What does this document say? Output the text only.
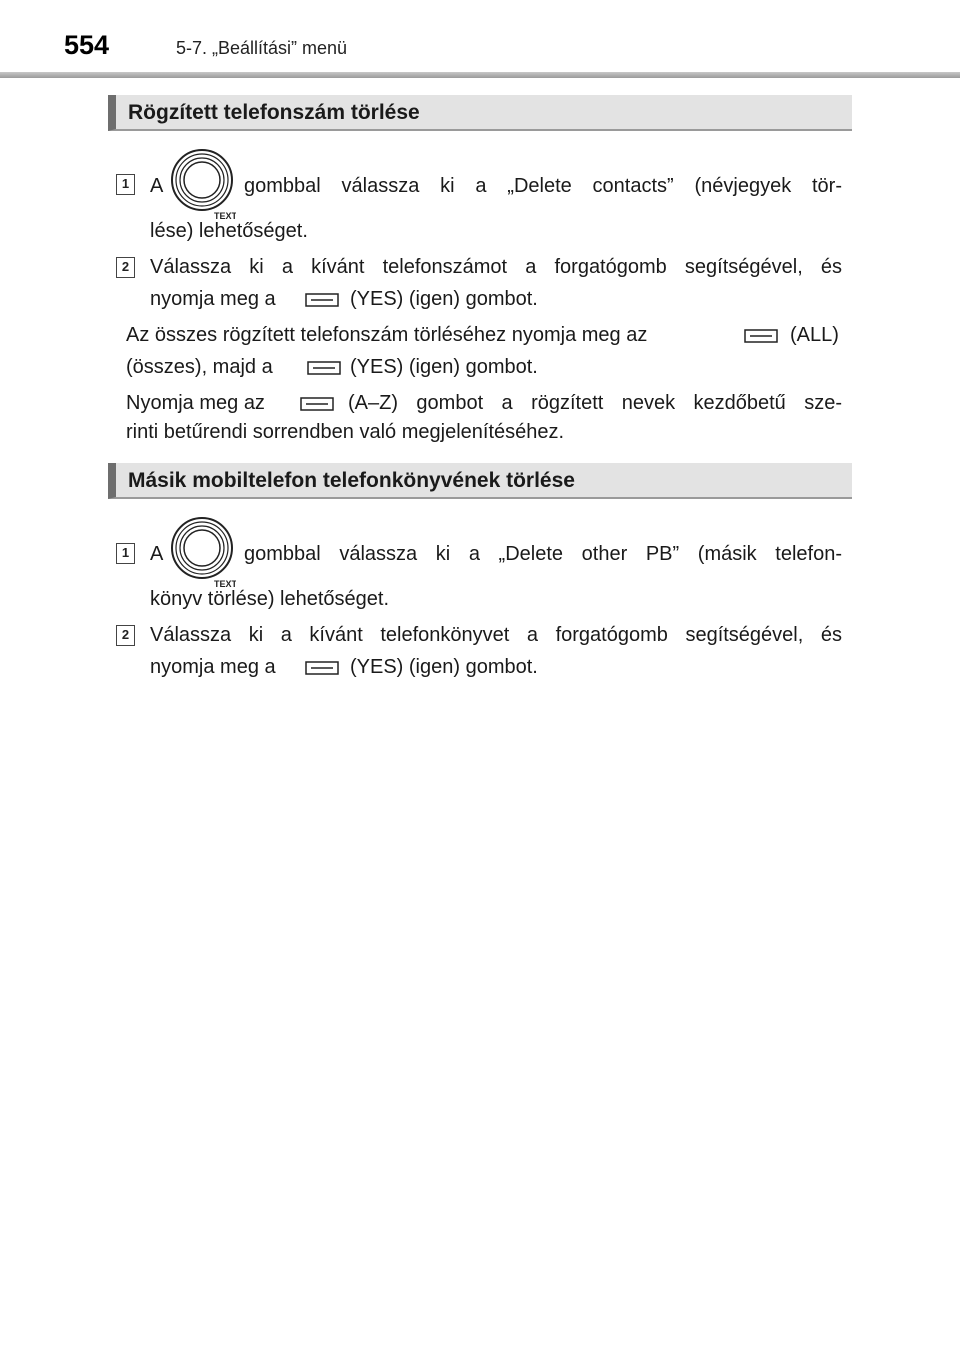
554	5-7. „Beállítási” menü
Rögzített telefonszám törlése
1 A
TEXT
gombbal válassza ki a „Delete contacts” (névjegyek tör-
lése) lehetőséget.
2 Válassza ki a kívánt telefonszámot a forgatógomb segítségével, és
nyomja meg a	(YES) (igen) gombot.
Az összes rögzített telefonszám törléséhez nyomja meg az	(ALL)
(összes), majd a	(YES) (igen) gombot.
Nyomja meg az	(A–Z) gombot a rögzített nevek kezdőbetű sze-
rinti betűrendi sorrendben való megjelenítéséhez.
Másik mobiltelefon telefonkönyvének törlése
1 A
TEXT
gombbal válassza ki a „Delete other PB” (másik telefon-
könyv törlése) lehetőséget.
2 Válassza ki a kívánt telefonkönyvet a forgatógomb segítségével, és
nyomja meg a	(YES) (igen) gombot.
